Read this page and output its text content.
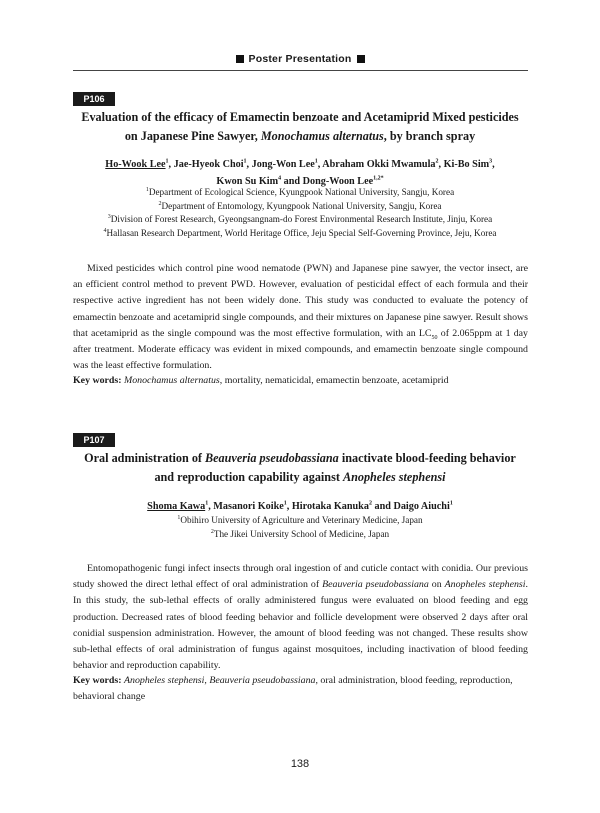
Poster Presentation
P106
Evaluation of the efficacy of Emamectin benzoate and Acetamiprid Mixed pesticides
on Japanese Pine Sawyer, Monochamus alternatus, by branch spray
Ho-Wook Lee$^1$, Jae-Hyeok Choi$^1$, Jong-Won Lee$^1$, Abraham Okki Mwamula$^2$, Ki-Bo Sim$^3$,
Kwon Su Kim$^4$ and Dong-Woon Lee$^{1,2*}$
$^1$Department of Ecological Science, Kyungpook National University, Sangju, Korea
$^2$Department of Entomology, Kyungpook National University, Sangju, Korea
$^3$Division of Forest Research, Gyeongsangnam-do Forest Environmental Research Institute, Jinju, Korea
$^4$Hallasan Research Department, World Heritage Office, Jeju Special Self-Governing Province, Jeju, Korea

Mixed pesticides which control pine wood nematode (PWN) and Japanese pine sawyer, the vector insect, are an efficient control method to prevent PWD. However, evaluation of pesticidal effect of each formula and their respective active ingredient has not been widely done. This study was conducted to evaluate the potency of emamectin benzoate and acetamiprid single compounds, and their mixtures on Japanese pine sawyer. Result shows that acetamiprid as the single compound was the most effective formulation, with an $LC_{50}$ of 2.065ppm at 1 day after treatment. Moderate efficacy was evident in mixed compounds, and emamectin benzoate single compound was the least effective formulation.

Key words: Monochamus alternatus, mortality, nematicidal, emamectin benzoate, acetamiprid
P107
Oral administration of Beauveria pseudobassiana inactivate blood-feeding behavior
and reproduction capability against Anopheles stephensi
Shoma Kawa$^1$, Masanori Koike$^1$, Hirotaka Kanuka$^2$ and Daigo Aiuchi$^1$
$^1$Obihiro University of Agriculture and Veterinary Medicine, Japan
$^2$The Jikei University School of Medicine, Japan

Entomopathogenic fungi infect insects through oral ingestion of and cuticle contact with conidia. Our previous study showed the direct lethal effect of oral administration of Beauveria pseudobassiana on Anopheles stephensi. In this study, the sub-lethal effects of orally administered fungus were evaluated on blood feeding and egg production. Decreased rates of blood feeding behavior and follicle development were observed 2 days after oral conidial suspension administration. However, the amount of blood feeding was not changed. These results show sub-lethal effects of oral administration of fungus against mosquitoes, including inactivation of blood feeding behavior and reproduction capability.

Key words: Anopheles stephensi, Beauveria pseudobassiana, oral administration, blood feeding, reproduction, behavioral change
138
